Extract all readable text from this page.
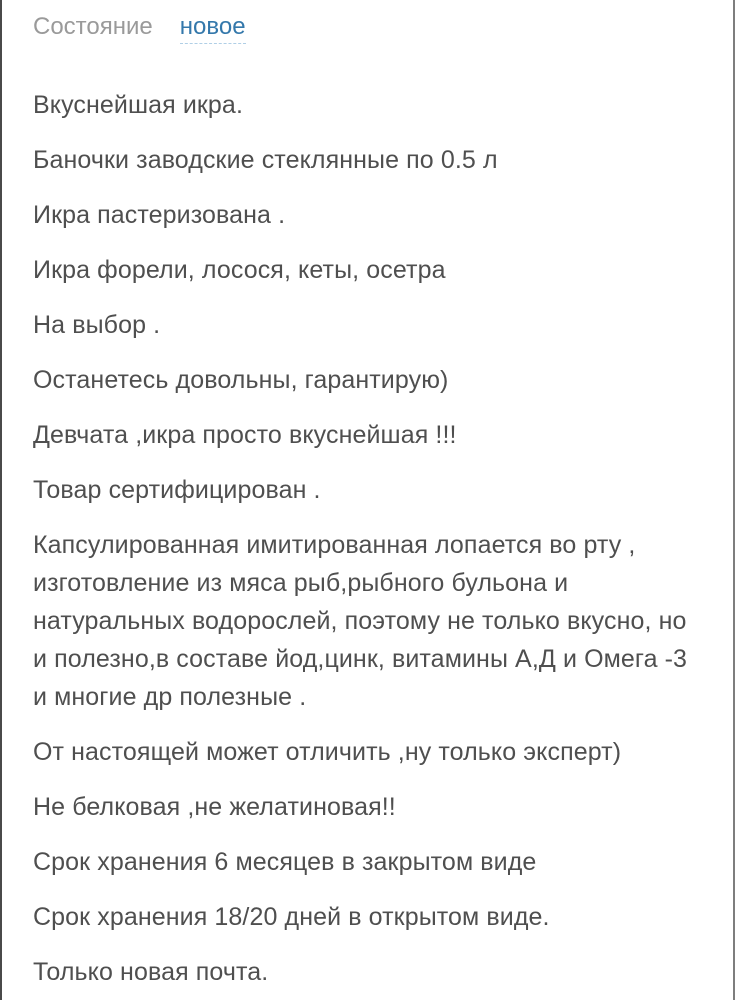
Состояние новое

Вкуснейшая икра.

Баночки заводские стеклянные по 0.5 л

Икра пастеризована .

Икра форели, лосося, кеты, осетра

На выбор .

Останетесь довольны, гарантирую)

Девчата ,икра просто вкуснейшая !!!

Товар сертифицирован .

Капсулированная имитированная лопается во рту , изготовление из мяса рыб,рыбного бульона и натуральных водорослей, поэтому не только вкусно, но и полезно,в составе йод,цинк, витамины А,Д и Омега -3 и многие др полезные .

От настоящей может отличить ,ну только эксперт)

Не белковая ,не желатиновая!!

Срок хранения 6 месяцев в закрытом виде

Срок хранения 18/20 дней в открытом виде.

Только новая почта.
